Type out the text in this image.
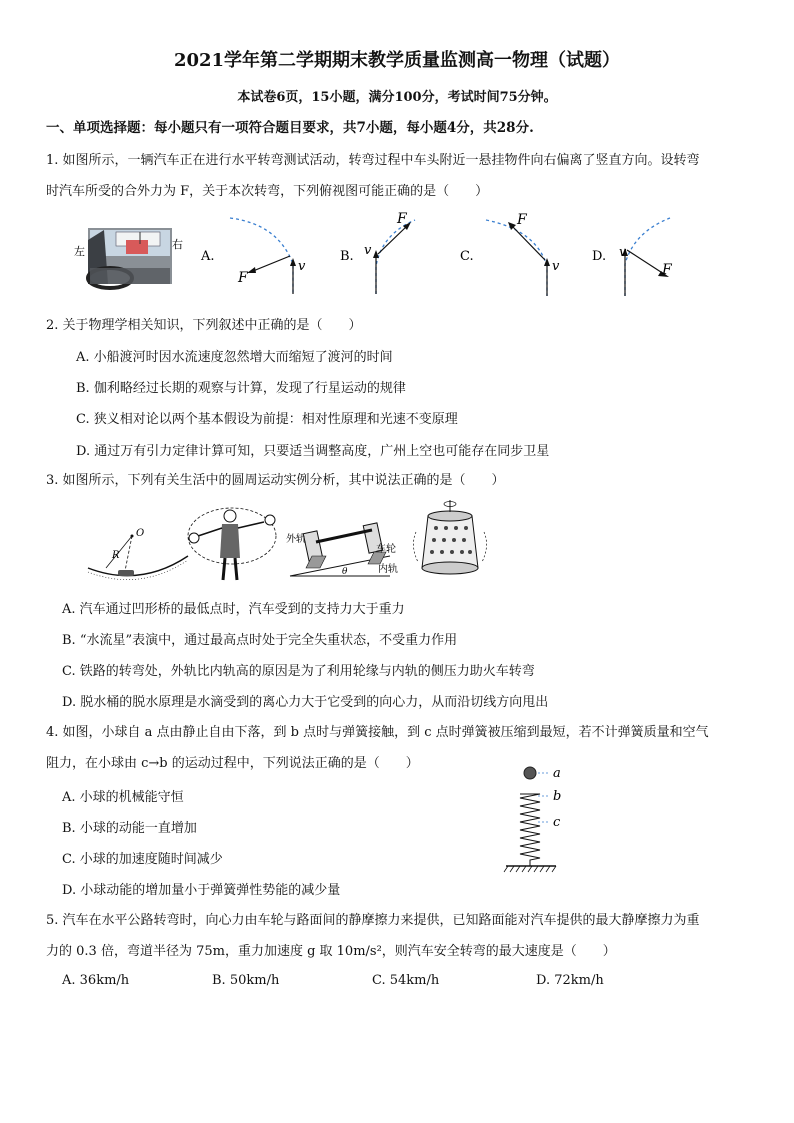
2021学年第二学期期末教学质量监测高一物理（试题）
本试卷6页，15小题，满分100分，考试时间75分钟。
一、单项选择题：每小题只有一项符合题目要求，共7小题，每小题4分，共28分.
1. 如图所示，一辆汽车正在进行水平转弯测试活动，转弯过程中车头附近一悬挂物件向右偏离了竖直方向。设转弯
时汽车所受的合外力为 F，关于本次转弯，下列俯视图可能正确的是（　　）
左
右
A.
F
v
B.
F
v	C.
F
v
D.
F
v
2. 关于物理学相关知识，下列叙述中正确的是（　　）
A. 小船渡河时因水流速度忽然增大而缩短了渡河的时间
B. 伽利略经过长期的观察与计算，发现了行星运动的规律
C. 狭义相对论以两个基本假设为前提：相对性原理和光速不变原理
D. 通过万有引力定律计算可知，只要适当调整高度，广州上空也可能存在同步卫星
3. 如图所示，下列有关生活中的圆周运动实例分析，其中说法正确的是（　　）
O
R
外轨
车轮
内轨
θ
A. 汽车通过凹形桥的最低点时，汽车受到的支持力大于重力
B. “水流星”表演中，通过最高点时处于完全失重状态，不受重力作用
C. 铁路的转弯处，外轨比内轨高的原因是为了利用轮缘与内轨的侧压力助火车转弯
D. 脱水桶的脱水原理是水滴受到的离心力大于它受到的向心力，从而沿切线方向甩出
4. 如图，小球自 a 点由静止自由下落，到 b 点时与弹簧接触，到 c 点时弹簧被压缩到最短，若不计弹簧质量和空气
阻力，在小球由 c→b 的运动过程中，下列说法正确的是（　　）
a
b
c
A. 小球的机械能守恒
B. 小球的动能一直增加
C. 小球的加速度随时间减少
D. 小球动能的增加量小于弹簧弹性势能的减少量
5. 汽车在水平公路转弯时，向心力由车轮与路面间的静摩擦力来提供，已知路面能对汽车提供的最大静摩擦力为重
力的 0.3 倍，弯道半径为 75m，重力加速度 g 取 10m/s²，则汽车安全转弯的最大速度是（　　）
A. 36km/h	B. 50km/h	C. 54km/h	D. 72km/h
